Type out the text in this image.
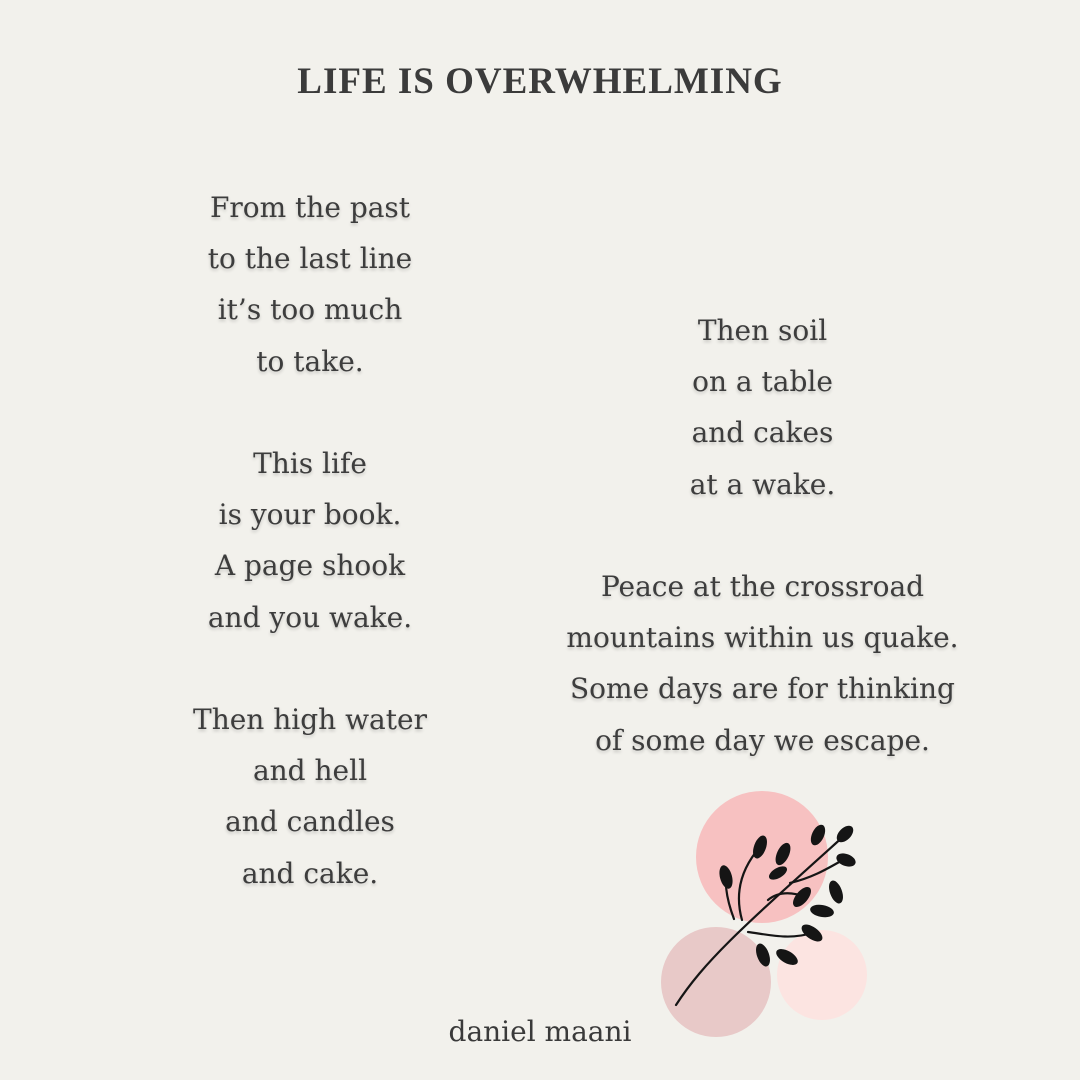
LIFE IS OVERWHELMING
From the past
to the last line
it’s too much
to take.
This life
is your book.
A page shook
and you wake.
Then high water
and hell
and candles
and cake.
Then soil
on a table
and cakes
at a wake.
Peace at the crossroad
mountains within us quake.
Some days are for thinking
of some day we escape.
daniel maani
